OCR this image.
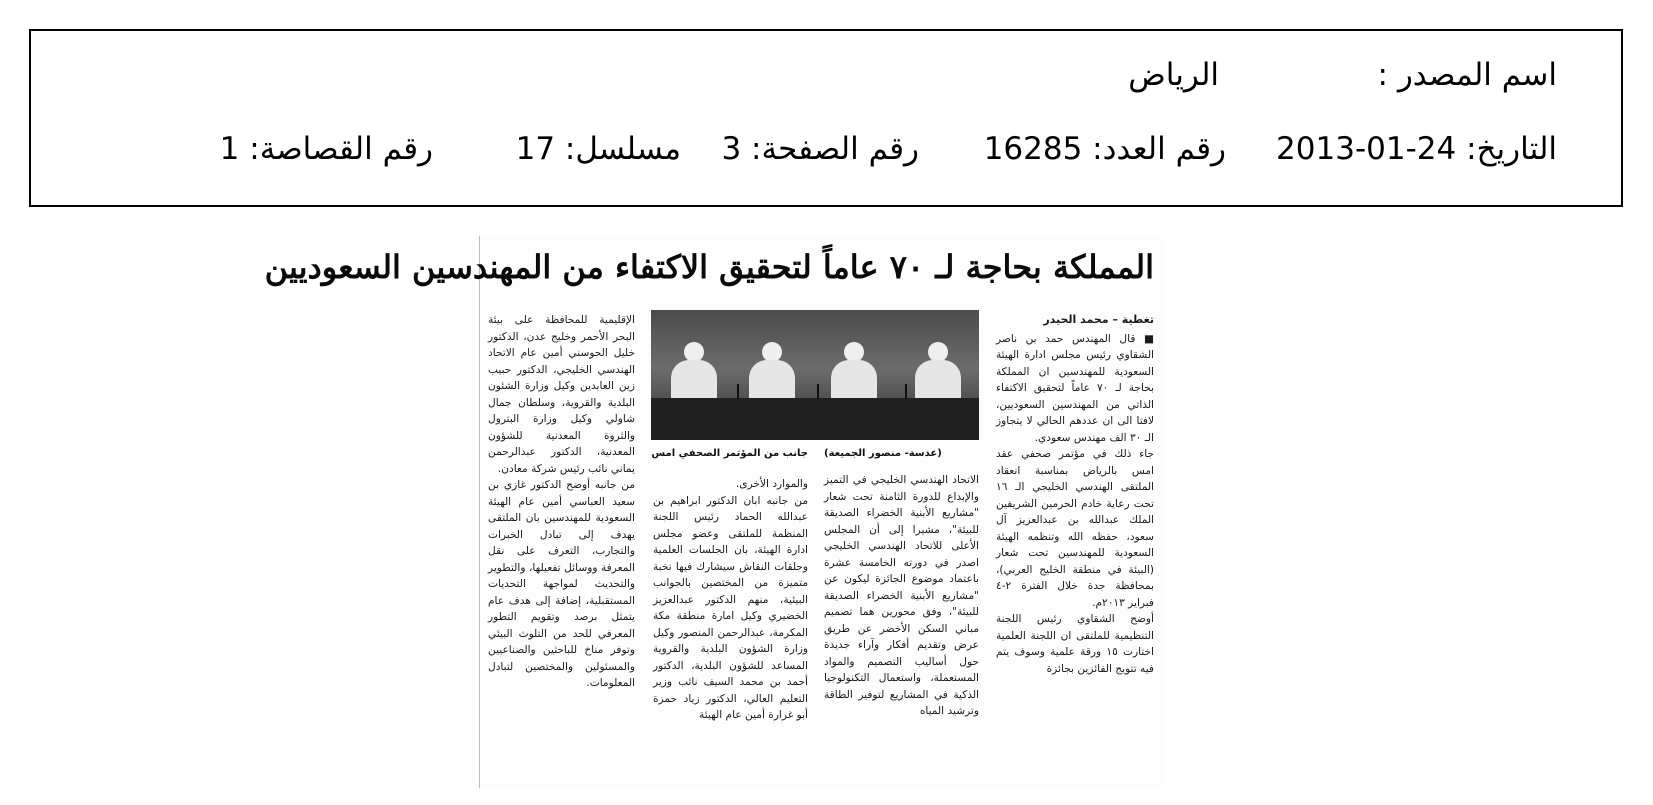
اسم المصدر :
الرياض
التاريخ: 24-01-2013
رقم العدد: 16285
رقم الصفحة: 3
مسلسل: 17
رقم القصاصة: 1
المملكة بحاجة لـ ٧٠ عاماً لتحقيق الاكتفاء من المهندسين السعوديين
تغطية – محمد الحيدر

■ قال المهندس حمد بن ناصر الشقاوي رئيس مجلس ادارة الهيئة السعودية للمهندسين ان المملكة بحاجة لـ ٧٠ عاماً لتحقيق الاكتفاء الذاتي من المهندسين السعوديين، لافتا الى ان عددهم الحالي لا يتجاوز الـ ٣٠ الف مهندس سعودي.

جاء ذلك في مؤتمر صحفي عقد امس بالرياض بمناسبة انعقاد الملتقى الهندسي الخليجي الـ ١٦ تحت رعاية خادم الحرمين الشريفين الملك عبدالله بن عبدالعزيز آل سعود، حفظه الله وتنظمه الهيئة السعودية للمهندسين تحت شعار (البيئة في منطقة الخليج العربي)، بمحافظة جدة خلال الفترة ٢-٤ فبراير ٢٠١٣م.

أوضح الشقاوي رئيس اللجنة التنظيمية للملتقى ان اللجنة العلمية اختارت ١٥ ورقة علمية وسوف يتم فيه تتويج الفائزين بجائزة

جانب من المؤتمر الصحفي امس (عدسة- منصور الجميعة)

الاتحاد الهندسي الخليجي في التميز والإبداع للدورة الثامنة تحت شعار "مشاريع الأبنية الخضراء الصديقة للبيئة"، مشيرا إلى أن المجلس الأعلى للاتحاد الهندسي الخليجي اصدر في دورته الخامسة عشرة باعتماد موضوع الجائزة ليكون عن "مشاريع الأبنية الخضراء الصديقة للبيئة"، وفق محورين هما تصميم مباني السكن الأخضر عن طريق عرض وتقديم أفكار وآراء جديدة حول أساليب التصميم والمواد المستعملة، واستعمال التكنولوجيا الذكية في المشاريع لتوفير الطاقة وترشيد المياه

والموارد الأخرى.

من جانبه ابان الدكتور ابراهيم بن عبدالله الحماد رئيس اللجنة المنظمة للملتقى وعضو مجلس ادارة الهيئة، بان الجلسات العلمية وحلقات النقاش سيشارك فيها نخبة متميزة من المختصين بالجوانب البيئية، منهم الدكتور عبدالعزيز الخضيري وكيل امارة منطقة مكة المكرمة، عبدالرحمن المنصور وكيل وزارة الشؤون البلدية والقروية المساعد للشؤون البلدية، الدكتور أحمد بن محمد السيف نائب وزير التعليم العالي، الدكتور زياد حمزة أبو غرارة أمين عام الهيئة

الإقليمية للمحافظة على بيئة البحر الأحمر وخليج عدن، الدكتور خليل الحوسني أمين عام الاتحاد الهندسي الخليجي، الدكتور حبيب زين العابدين وكيل وزارة الشئون البلدية والقروية، وسلطان جمال شاولي وكيل وزارة البترول والثروة المعدنية للشؤون المعدنية، الدكتور عبدالرحمن يماني نائب رئيس شركة معادن.

من جانبه أوضح الدكتور غازي بن سعيد العباسي أمين عام الهيئة السعودية للمهندسين بان الملتقى يهدف إلى تبادل الخبرات والتجارب، التعرف على نقل المعرفة ووسائل تفعيلها، والتطوير والتحديث لمواجهة التحديات المستقبلية، إضافة إلى هدف عام يتمثل برصد وتقويم التطور المعرفي للحد من التلوث البيئي وتوفر مناخ للباحثين والصناعيين والمسئولين والمختصين لتبادل المعلومات.
